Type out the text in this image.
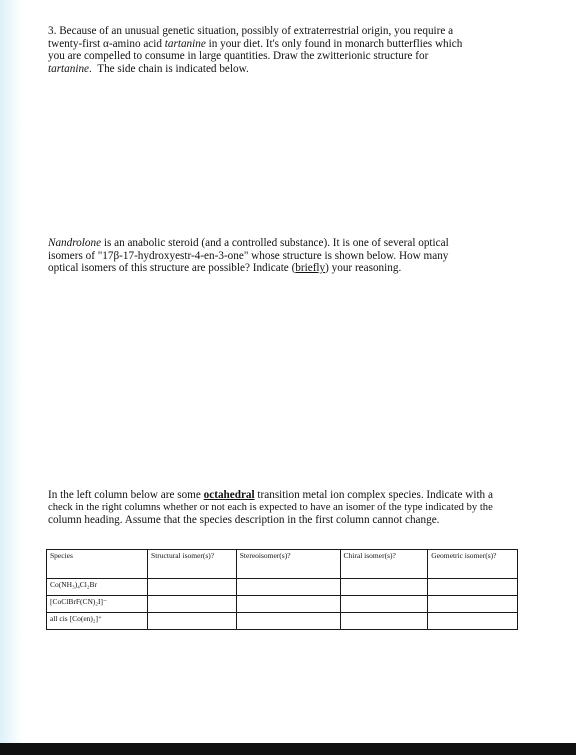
3. Because of an unusual genetic situation, possibly of extraterrestrial origin, you require a
twenty-first α-amino acid tartanine in your diet. It's only found in monarch butterflies which
you are compelled to consume in large quantities. Draw the zwitterionic structure for
tartanine.  The side chain is indicated below.
Nandrolone is an anabolic steroid (and a controlled substance). It is one of several optical
isomers of "17β-17-hydroxyestr-4-en-3-one" whose structure is shown below. How many
optical isomers of this structure are possible? Indicate (briefly) your reasoning.
In the left column below are some octahedral transition metal ion complex species. Indicate with a
check in the right columns whether or not each is expected to have an isomer of the type indicated by the
column heading. Assume that the species description in the first column cannot change.
Species	Structural isomer(s)?	Stereoisomer(s)?	Chiral isomer(s)?	Geometric isomer(s)?
Co(NH₃)₄Cl₂Br				
[CoClBrF(CN)₂I]⁻				
all cis [Co(en)₂]⁺				
